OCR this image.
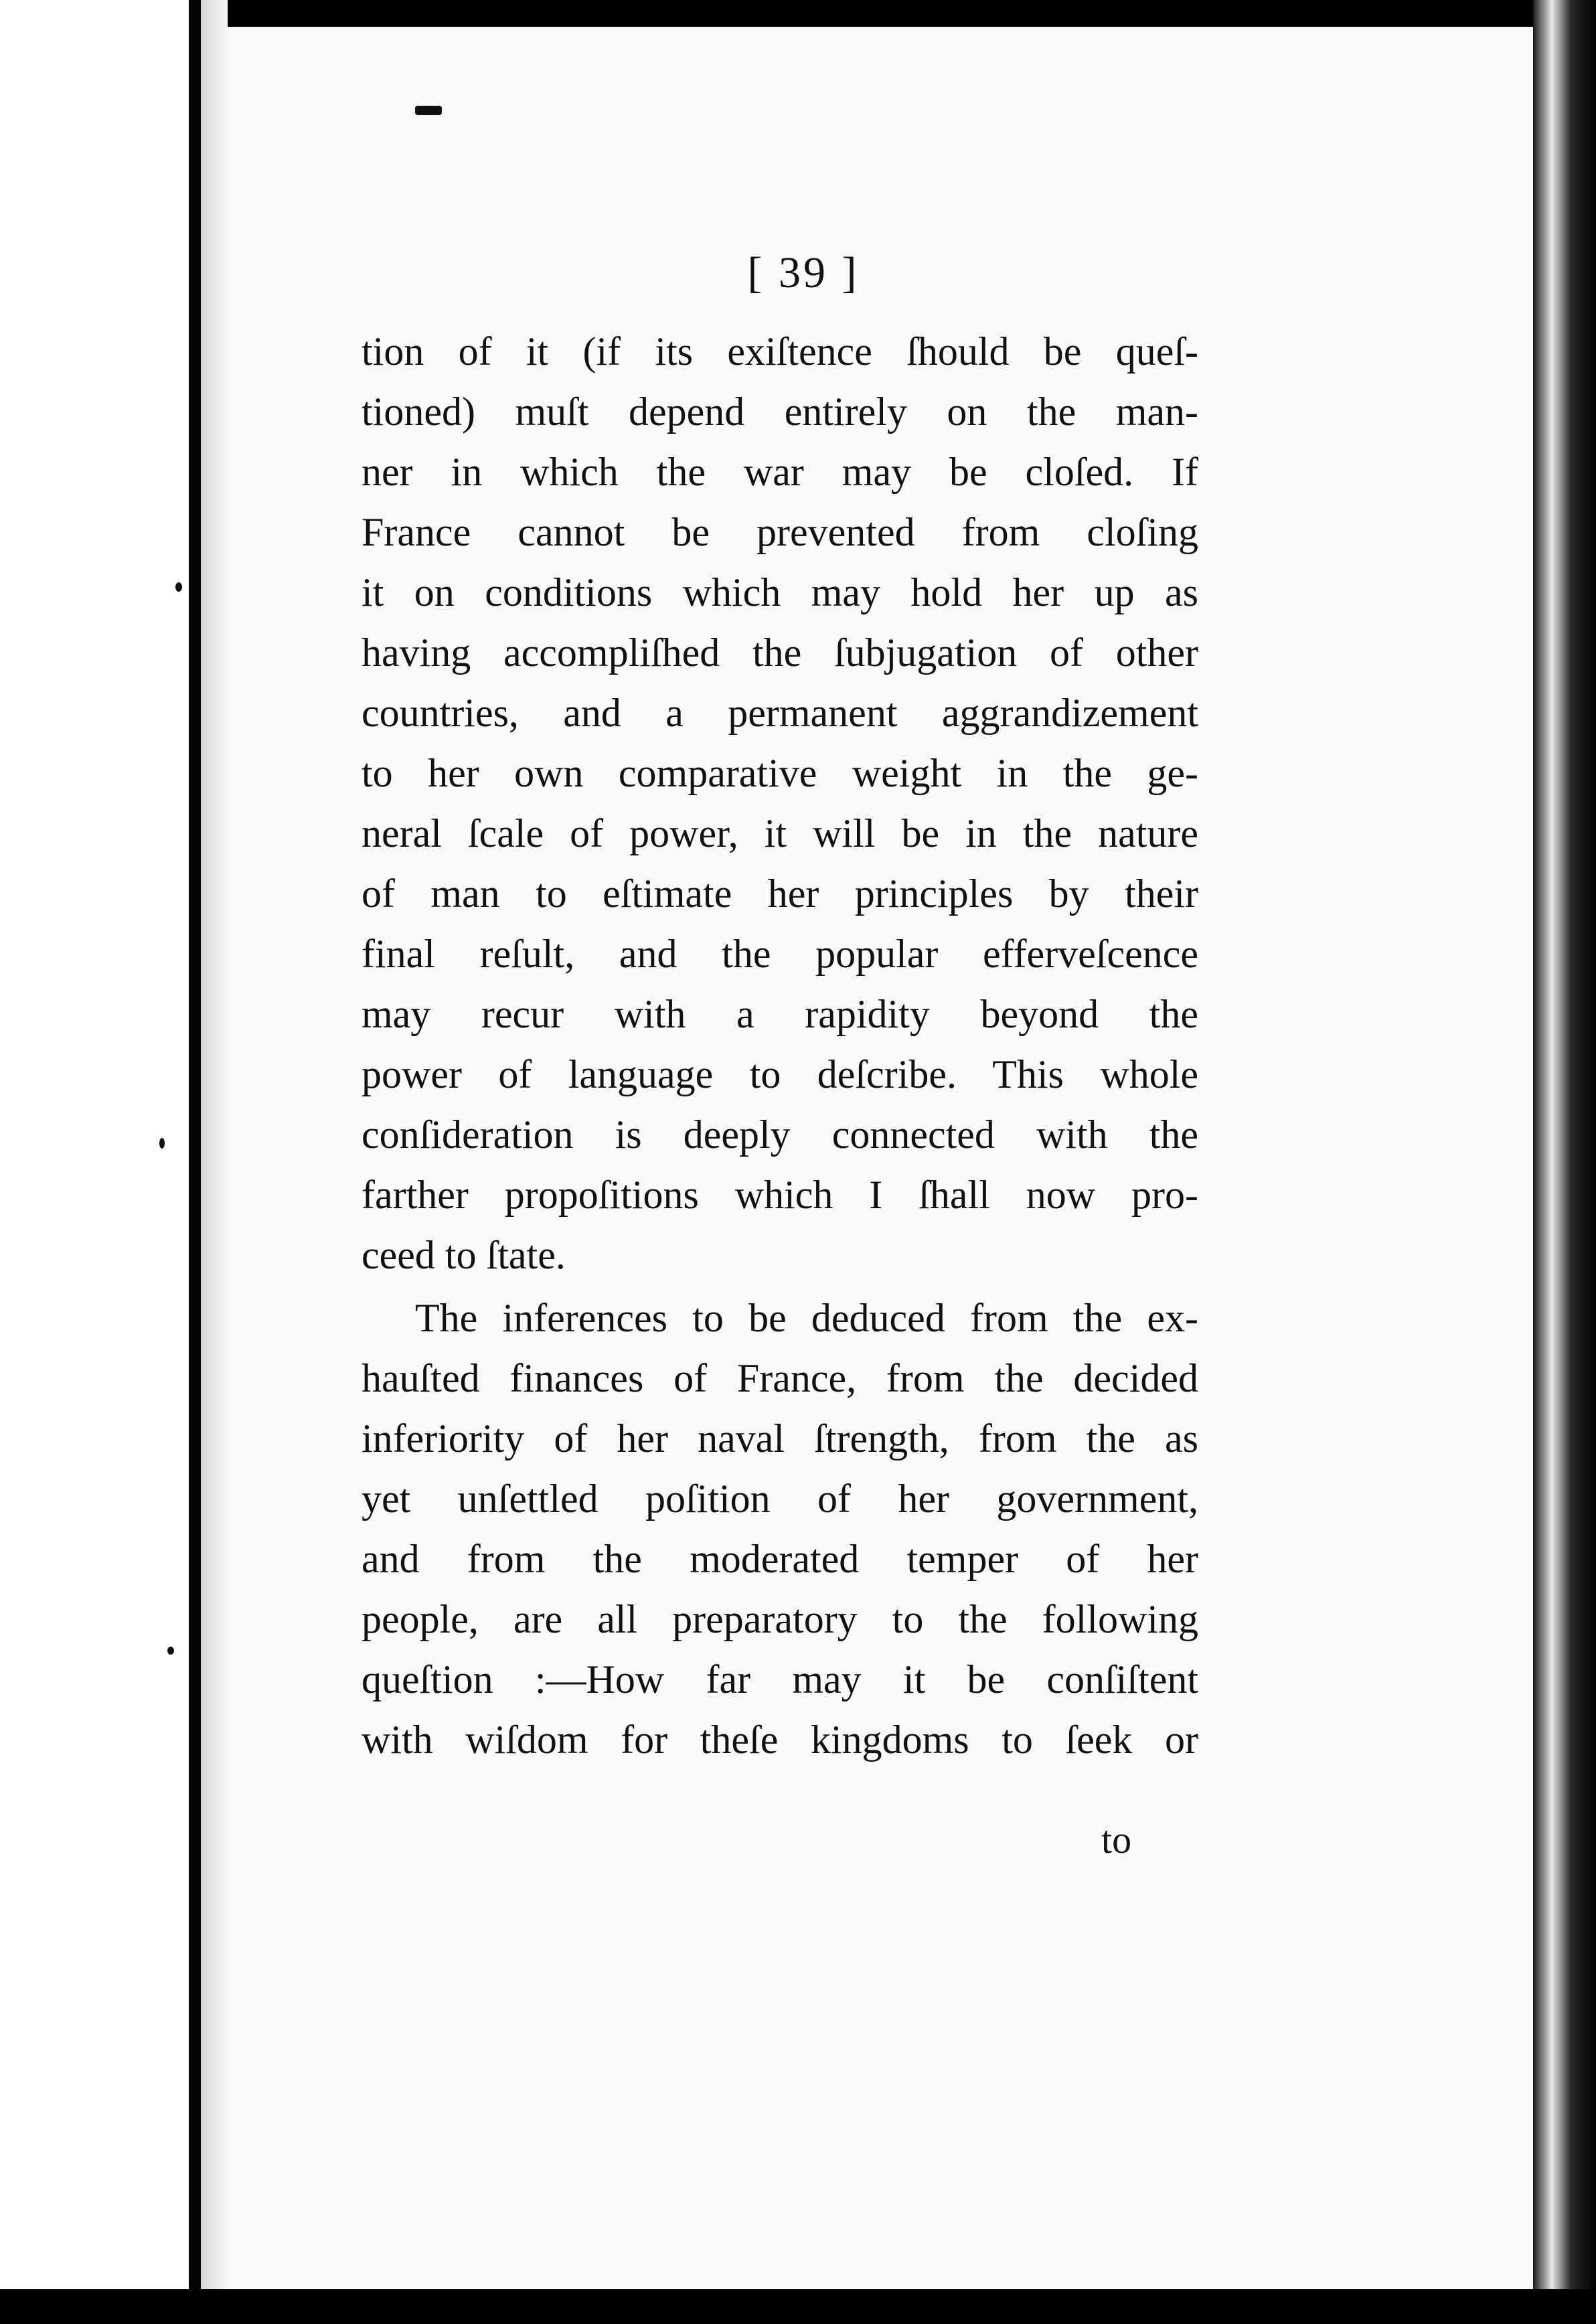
[ 39 ]
tion of it (if its exiſtence ſhould be queſ-
tioned) muſt depend entirely on the man-
ner in which the war may be cloſed. If
France cannot be prevented from cloſing
it on conditions which may hold her up as
having accompliſhed the ſubjugation of other
countries, and a permanent aggrandizement
to her own comparative weight in the ge-
neral ſcale of power, it will be in the nature
of man to eſtimate her principles by their
final reſult, and the popular effervеſcence
may recur with a rapidity beyond the
power of language to deſcribe. This whole
conſideration is deeply connected with the
farther propoſitions which I ſhall now pro-
ceed to ſtate.
The inferences to be deduced from the ex-
hauſted finances of France, from the decided
inferiority of her naval ſtrength, from the as
yet unſettled poſition of her government,
and from the moderated temper of her
people, are all preparatory to the following
queſtion :—How far may it be conſiſtent
with wiſdom for theſe kingdoms to ſeek or
to
